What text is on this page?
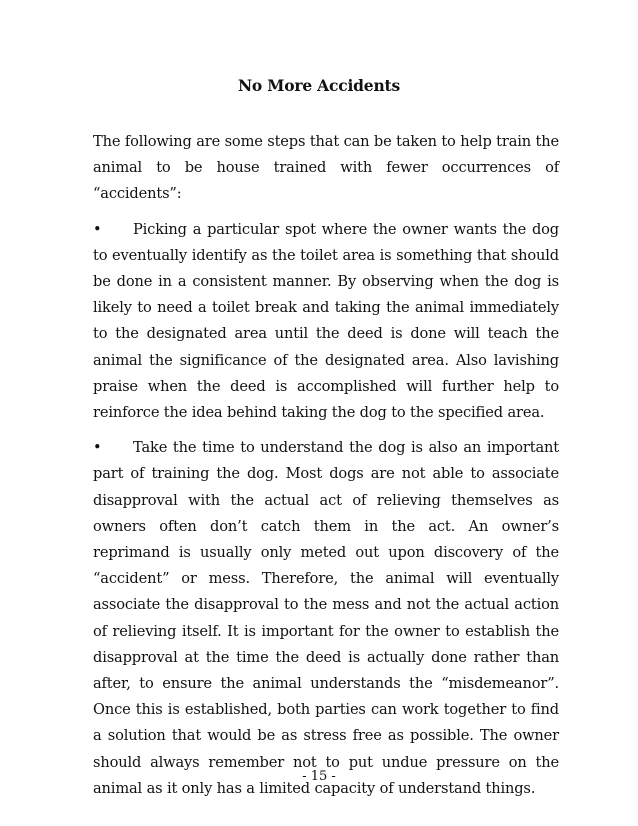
No More Accidents

The following are some steps that can be taken to help train the animal to be house trained with fewer occurrences of “accidents”:

• Picking a particular spot where the owner wants the dog to eventually identify as the toilet area is something that should be done in a consistent manner. By observing when the dog is likely to need a toilet break and taking the animal immediately to the designated area until the deed is done will teach the animal the significance of the designated area. Also lavishing praise when the deed is accomplished will further help to reinforce the idea behind taking the dog to the specified area.

• Take the time to understand the dog is also an important part of training the dog. Most dogs are not able to associate disapproval with the actual act of relieving themselves as owners often don’t catch them in the act. An owner’s reprimand is usually only meted out upon discovery of the “accident” or mess. Therefore, the animal will eventually associate the disapproval to the mess and not the actual action of relieving itself. It is important for the owner to establish the disapproval at the time the deed is actually done rather than after, to ensure the animal understands the “misdemeanor”. Once this is established, both parties can work together to find a solution that would be as stress free as possible. The owner should always remember not to put undue pressure on the animal as it only has a limited capacity of understand things.

- 15 -
